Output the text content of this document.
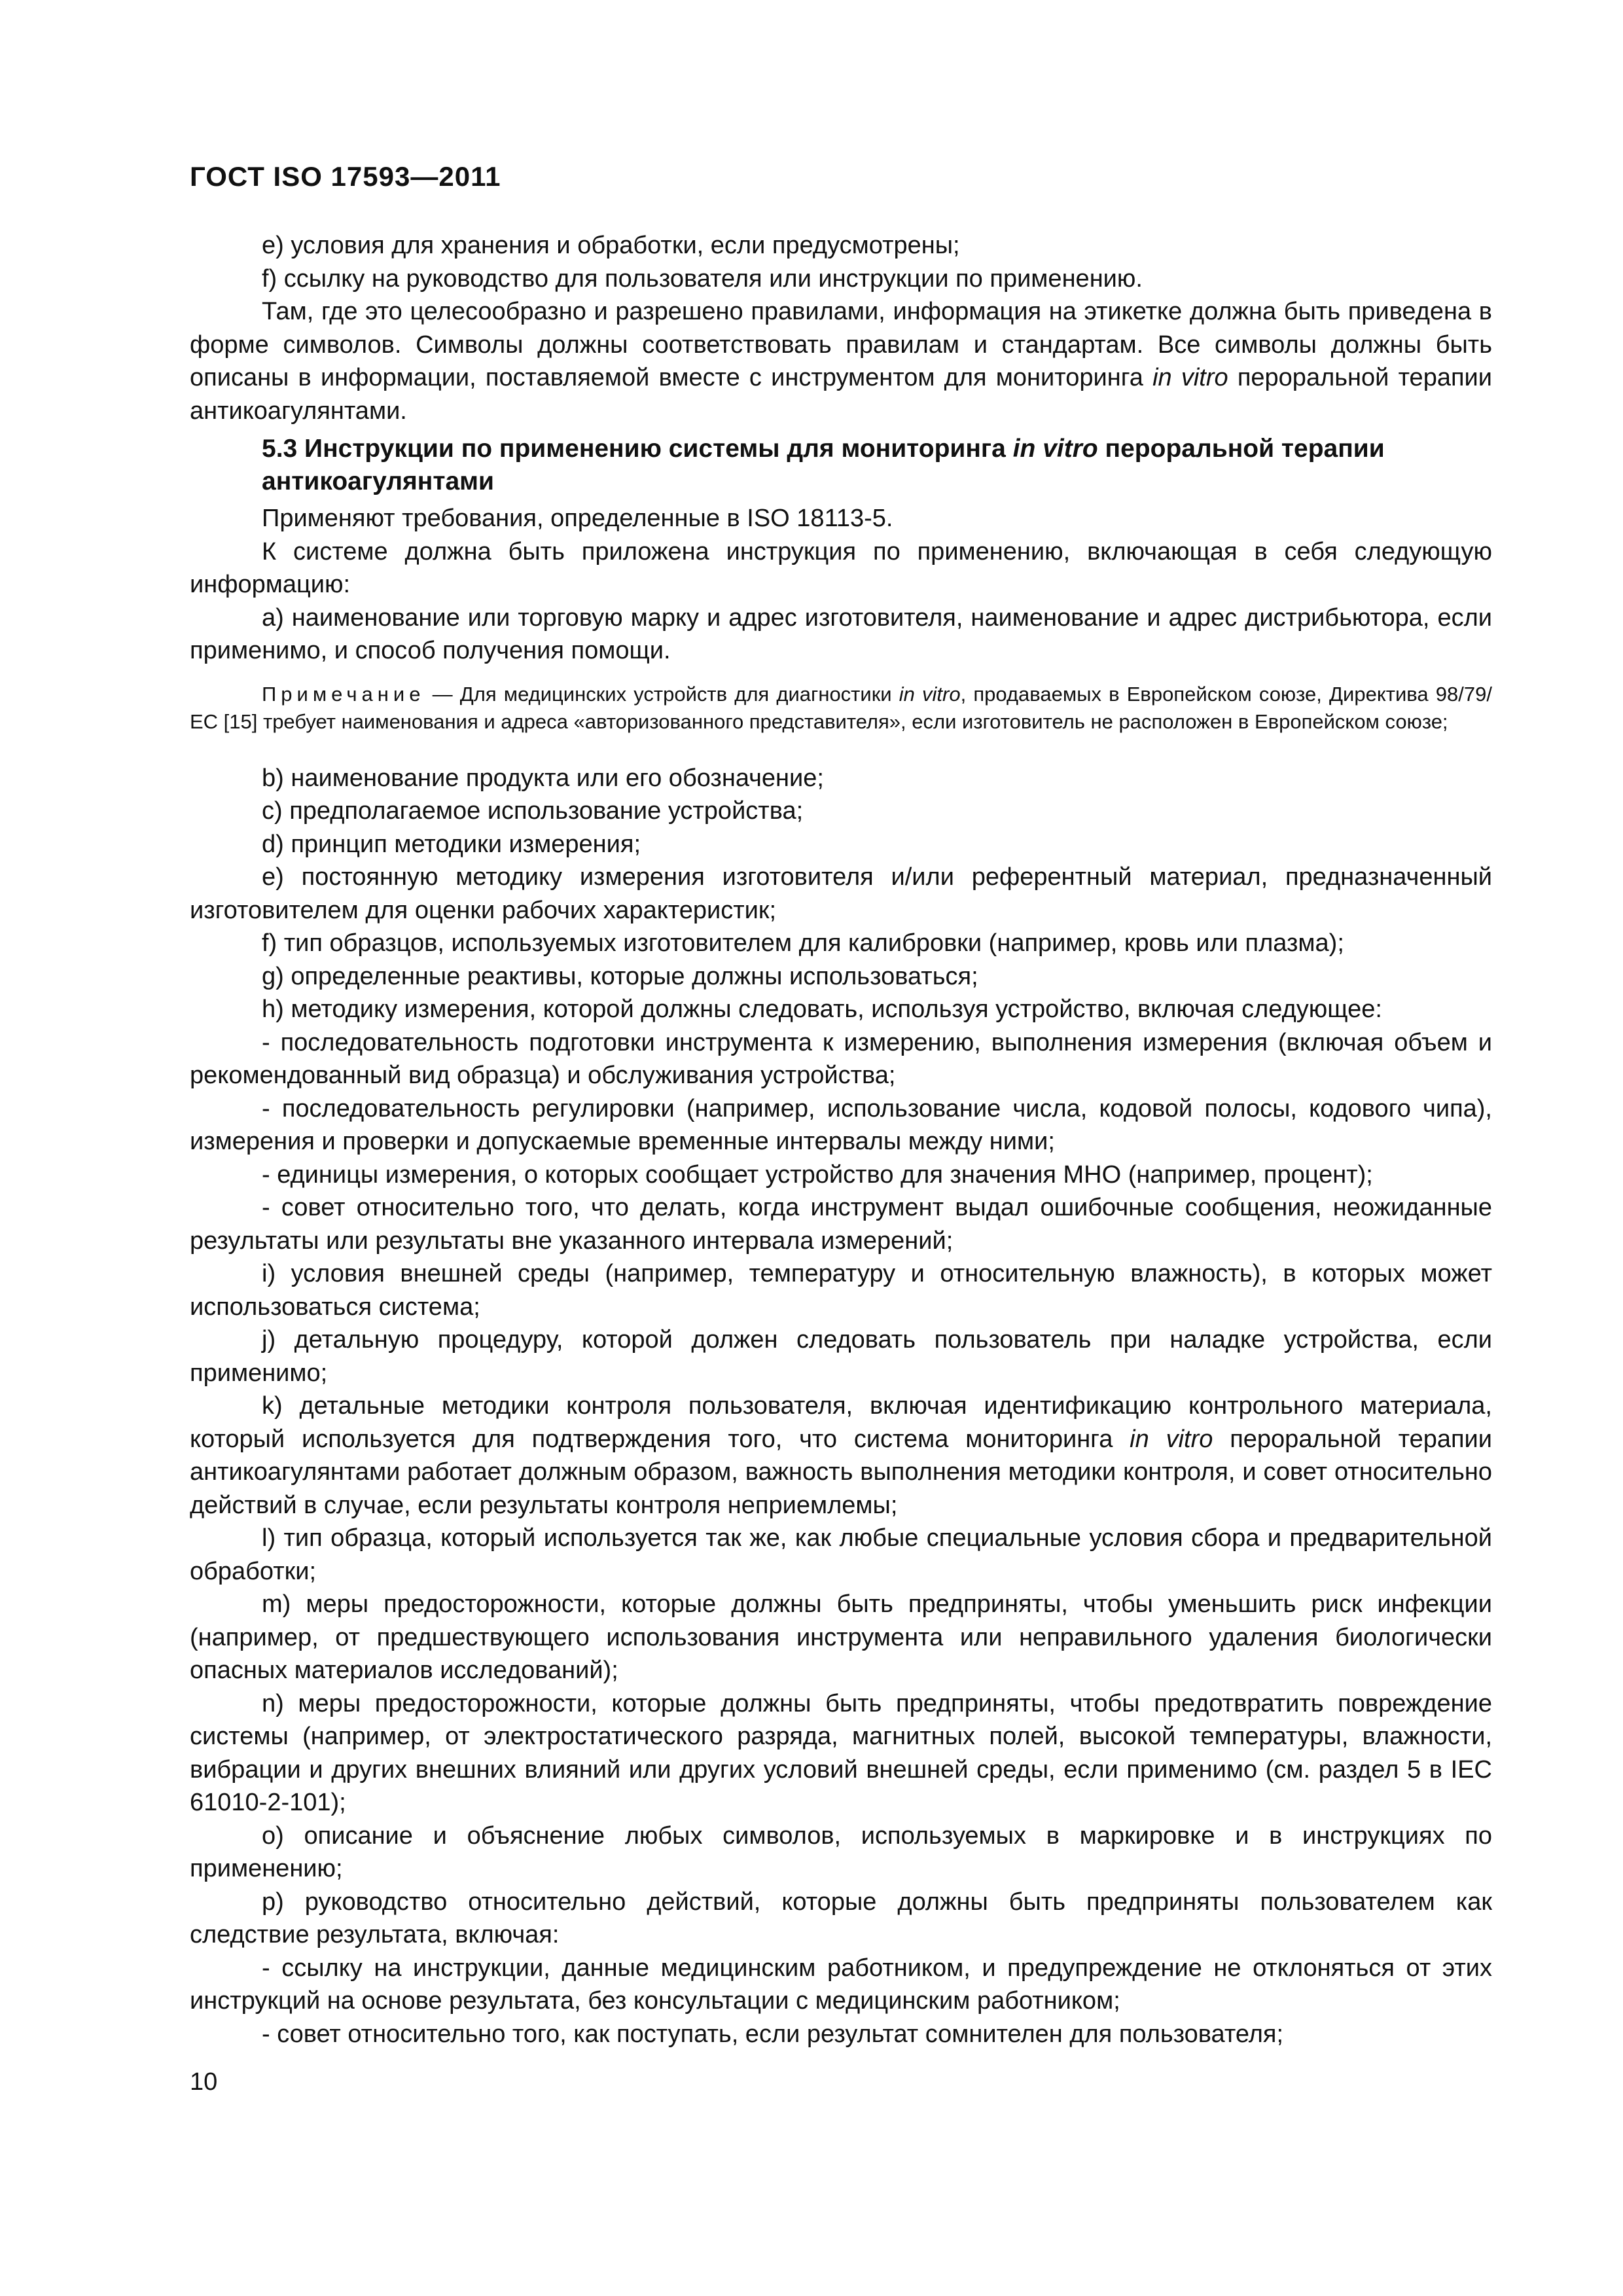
ГОСТ ISO 17593—2011

e) условия для хранения и обработки, если предусмотрены;

f) ссылку на руководство для пользователя или инструкции по применению.

Там, где это целесообразно и разрешено правилами, информация на этикетке должна быть приведена в форме символов. Символы должны соответствовать правилам и стандартам. Все символы должны быть описаны в информации, поставляемой вместе с инструментом для мониторинга in vitro пероральной терапии антикоагулянтами.

5.3 Инструкции по применению системы для мониторинга in vitro пероральной терапии антикоагулянтами

Применяют требования, определенные в ISO 18113-5.

К системе должна быть приложена инструкция по применению, включающая в себя следующую информацию:

a) наименование или торговую марку и адрес изготовителя, наименование и адрес дистрибьютора, если применимо, и способ получения помощи.

Примечание — Для медицинских устройств для диагностики in vitro, продаваемых в Европейском союзе, Директива 98/79/ЕС [15] требует наименования и адреса «авторизованного представителя», если изготовитель не расположен в Европейском союзе;

b) наименование продукта или его обозначение;

c) предполагаемое использование устройства;

d) принцип методики измерения;

e) постоянную методику измерения изготовителя и/или референтный материал, предназначенный изготовителем для оценки рабочих характеристик;

f) тип образцов, используемых изготовителем для калибровки (например, кровь или плазма);

g) определенные реактивы, которые должны использоваться;

h) методику измерения, которой должны следовать, используя устройство, включая следующее:

- последовательность подготовки инструмента к измерению, выполнения измерения (включая объем и рекомендованный вид образца) и обслуживания устройства;

- последовательность регулировки (например, использование числа, кодовой полосы, кодового чипа), измерения и проверки и допускаемые временные интервалы между ними;

- единицы измерения, о которых сообщает устройство для значения МНО (например, процент);

- совет относительно того, что делать, когда инструмент выдал ошибочные сообщения, неожиданные результаты или результаты вне указанного интервала измерений;

i) условия внешней среды (например, температуру и относительную влажность), в которых может использоваться система;

j) детальную процедуру, которой должен следовать пользователь при наладке устройства, если применимо;

k) детальные методики контроля пользователя, включая идентификацию контрольного материала, который используется для подтверждения того, что система мониторинга in vitro пероральной терапии антикоагулянтами работает должным образом, важность выполнения методики контроля, и совет относительно действий в случае, если результаты контроля неприемлемы;

l) тип образца, который используется так же, как любые специальные условия сбора и предварительной обработки;

m) меры предосторожности, которые должны быть предприняты, чтобы уменьшить риск инфекции (например, от предшествующего использования инструмента или неправильного удаления биологически опасных материалов исследований);

n) меры предосторожности, которые должны быть предприняты, чтобы предотвратить повреждение системы (например, от электростатического разряда, магнитных полей, высокой температуры, влажности, вибрации и других внешних влияний или других условий внешней среды, если применимо (см. раздел 5 в IEC 61010-2-101);

o) описание и объяснение любых символов, используемых в маркировке и в инструкциях по применению;

p) руководство относительно действий, которые должны быть предприняты пользователем как следствие результата, включая:

- ссылку на инструкции, данные медицинским работником, и предупреждение не отклоняться от этих инструкций на основе результата, без консультации с медицинским работником;

- совет относительно того, как поступать, если результат сомнителен для пользователя;

10
